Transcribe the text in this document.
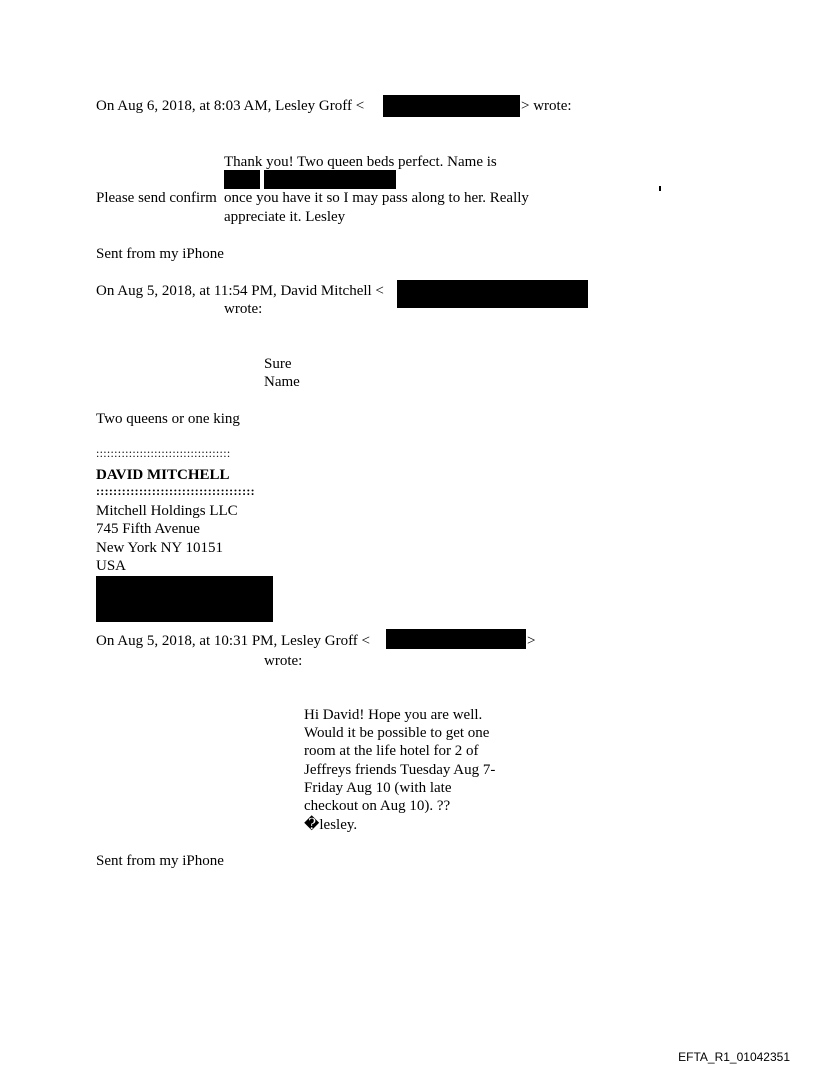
On Aug 6, 2018, at 8:03 AM, Lesley Groff <	> wrote:
Thank you! Two queen beds perfect. Name is
Please send confirm once you have it so I may pass along to her. Really
appreciate it. Lesley
Sent from my iPhone
On Aug 5, 2018, at 11:54 PM, David Mitchell <
wrote:
Sure
Name
Two queens or one king
:::::::::::::::::::::::::::::::::::::
DAVID MITCHELL
:::::::::::::::::::::::::::::::::::::
Mitchell Holdings LLC
745 Fifth Avenue
New York NY 10151
USA
On Aug 5, 2018, at 10:31 PM, Lesley Groff <	>
wrote:
Hi David! Hope you are well.
Would it be possible to get one
room at the life hotel for 2 of
Jeffreys friends Tuesday Aug 7-
Friday Aug 10 (with late
checkout on Aug 10). ??
�lesley.
Sent from my iPhone
EFTA_R1_01042351
